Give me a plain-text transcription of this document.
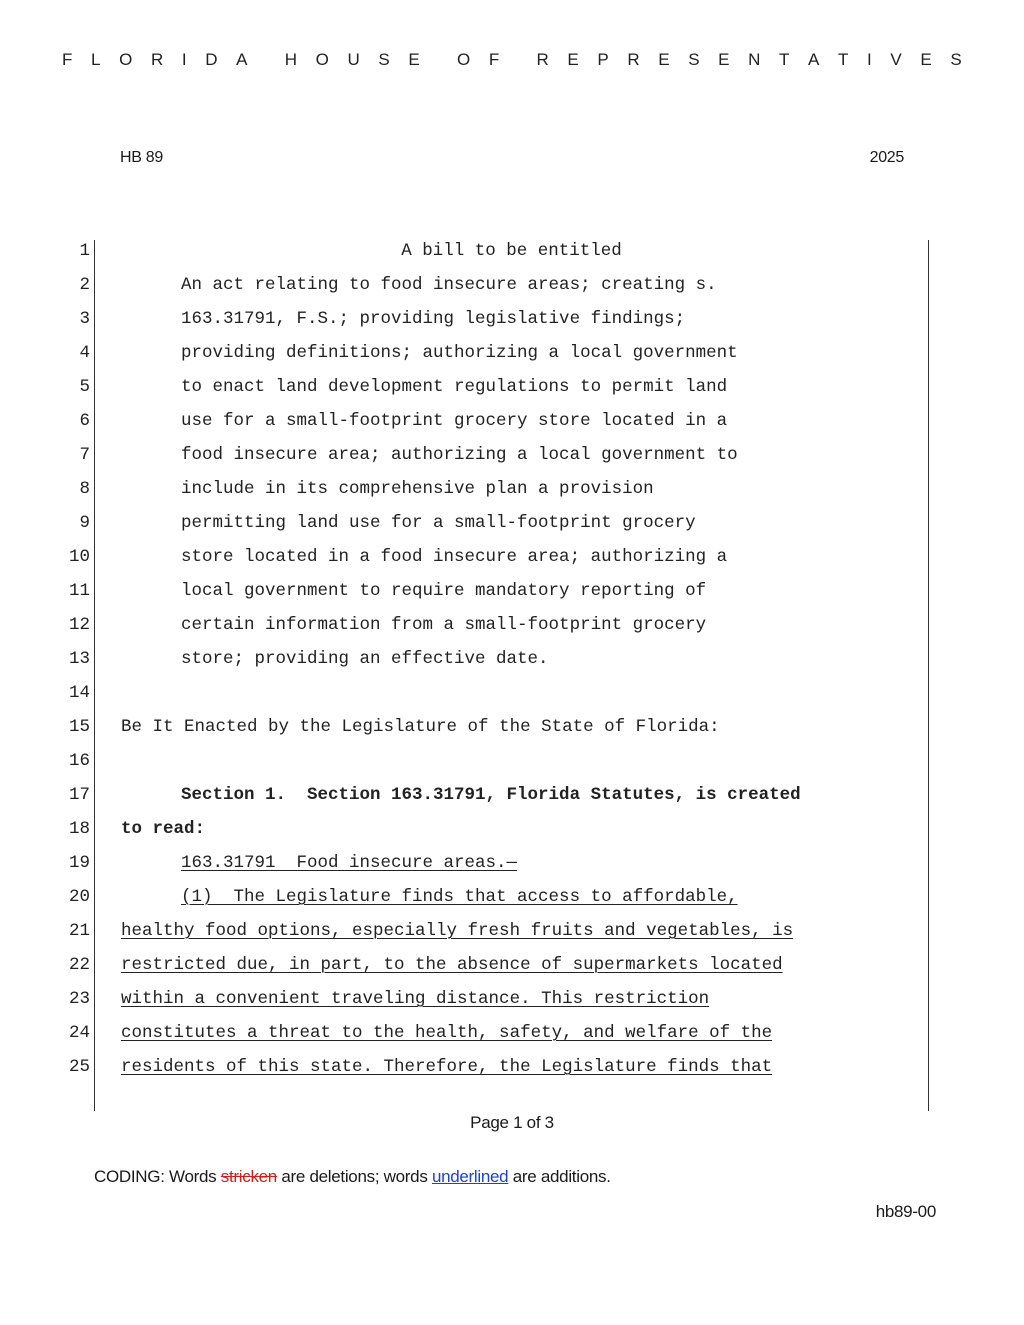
F L O R I D A H O U S E O F R E P R E S E N T A T I V E S
HB 89	2025
1	A bill to be entitled
2	An act relating to food insecure areas; creating s.
3	163.31791, F.S.; providing legislative findings;
4	providing definitions; authorizing a local government
5	to enact land development regulations to permit land
6	use for a small-footprint grocery store located in a
7	food insecure area; authorizing a local government to
8	include in its comprehensive plan a provision
9	permitting land use for a small-footprint grocery
10	store located in a food insecure area; authorizing a
11	local government to require mandatory reporting of
12	certain information from a small-footprint grocery
13	store; providing an effective date.
14
15 Be It Enacted by the Legislature of the State of Florida:
16
17	Section 1.  Section 163.31791, Florida Statutes, is created
18 to read:
19	163.31791  Food insecure areas.—
20	(1)  The Legislature finds that access to affordable,
21 healthy food options, especially fresh fruits and vegetables, is
22 restricted due, in part, to the absence of supermarkets located
23 within a convenient traveling distance. This restriction
24 constitutes a threat to the health, safety, and welfare of the
25 residents of this state. Therefore, the Legislature finds that
Page 1 of 3
CODING: Words stricken are deletions; words underlined are additions.
hb89-00
